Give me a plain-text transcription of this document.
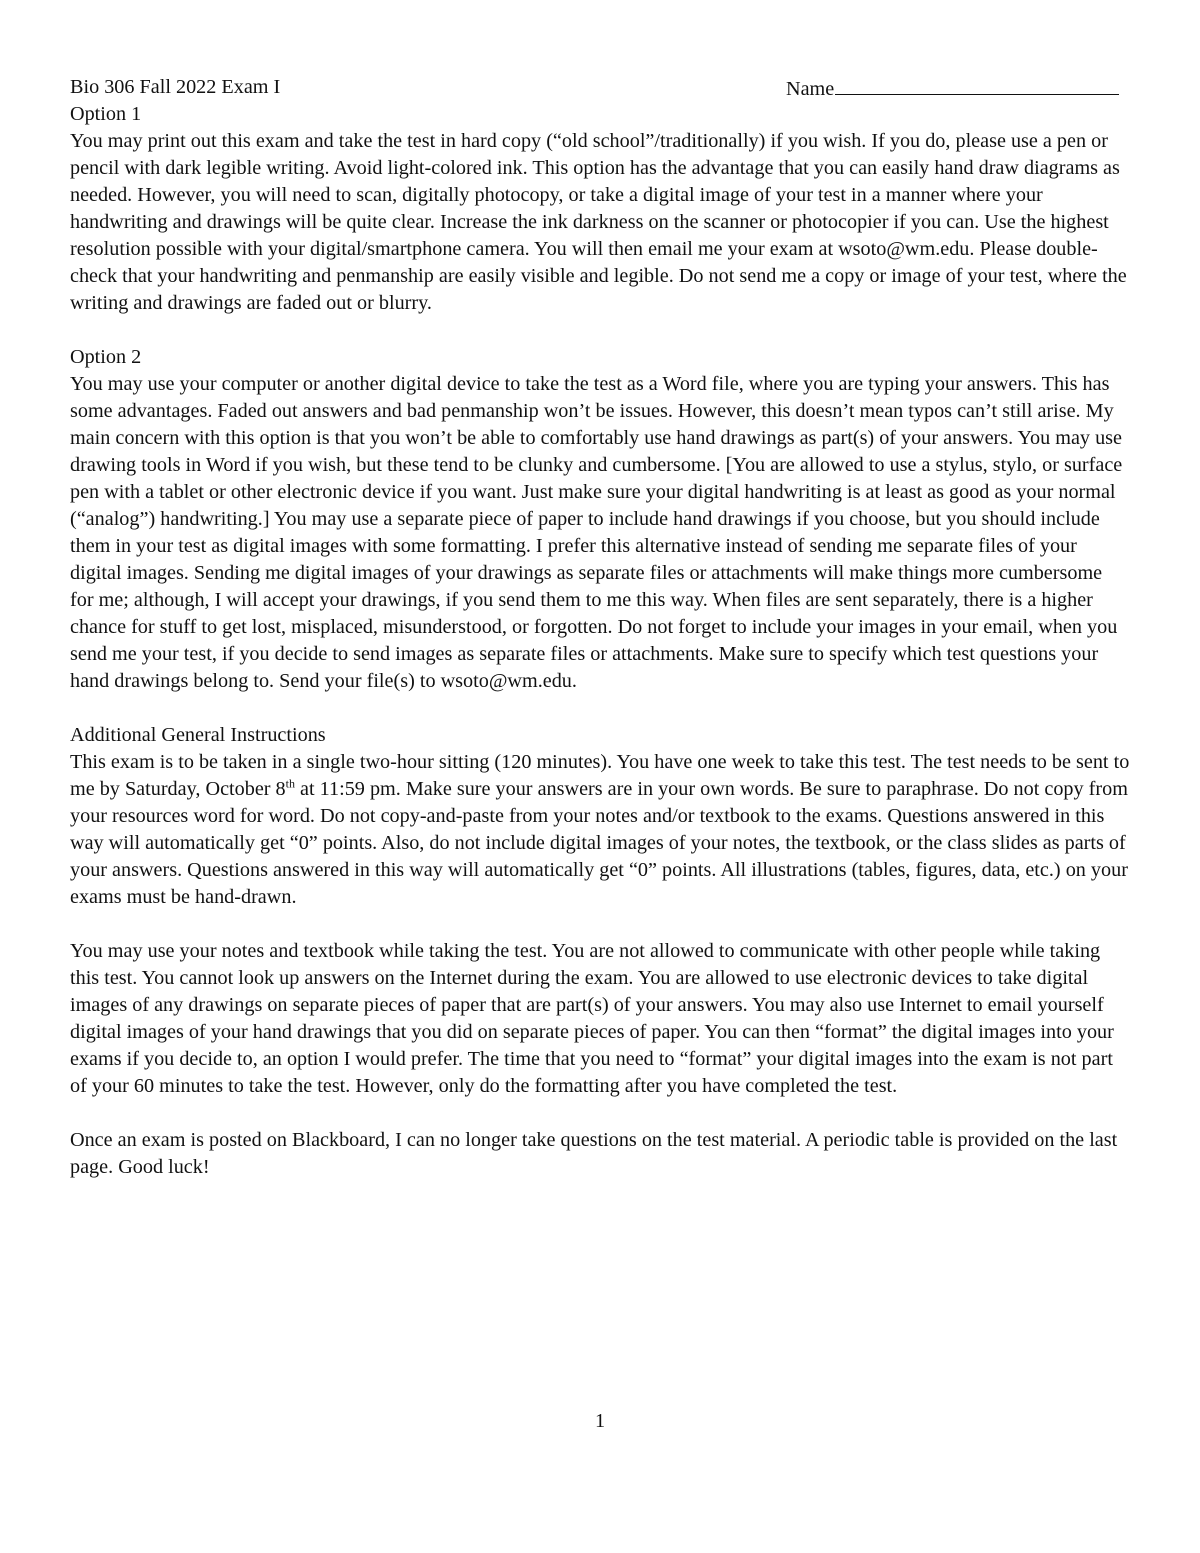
Bio 306 Fall 2022 Exam I	Name
Option 1

You may print out this exam and take the test in hard copy (“old school”/traditionally) if you wish. If you do, please use a pen or pencil with dark legible writing. Avoid light-colored ink. This option has the advantage that you can easily hand draw diagrams as needed. However, you will need to scan, digitally photocopy, or take a digital image of your test in a manner where your handwriting and drawings will be quite clear. Increase the ink darkness on the scanner or photocopier if you can. Use the highest resolution possible with your digital/smartphone camera. You will then email me your exam at wsoto@wm.edu. Please double-check that your handwriting and penmanship are easily visible and legible. Do not send me a copy or image of your test, where the writing and drawings are faded out or blurry.

Option 2

You may use your computer or another digital device to take the test as a Word file, where you are typing your answers. This has some advantages. Faded out answers and bad penmanship won’t be issues. However, this doesn’t mean typos can’t still arise. My main concern with this option is that you won’t be able to comfortably use hand drawings as part(s) of your answers. You may use drawing tools in Word if you wish, but these tend to be clunky and cumbersome. [You are allowed to use a stylus, stylo, or surface pen with a tablet or other electronic device if you want. Just make sure your digital handwriting is at least as good as your normal (“analog”) handwriting.] You may use a separate piece of paper to include hand drawings if you choose, but you should include them in your test as digital images with some formatting. I prefer this alternative instead of sending me separate files of your digital images. Sending me digital images of your drawings as separate files or attachments will make things more cumbersome for me; although, I will accept your drawings, if you send them to me this way. When files are sent separately, there is a higher chance for stuff to get lost, misplaced, misunderstood, or forgotten. Do not forget to include your images in your email, when you send me your test, if you decide to send images as separate files or attachments. Make sure to specify which test questions your hand drawings belong to. Send your file(s) to wsoto@wm.edu.

Additional General Instructions

This exam is to be taken in a single two-hour sitting (120 minutes). You have one week to take this test. The test needs to be sent to me by Saturday, October 8th at 11:59 pm. Make sure your answers are in your own words. Be sure to paraphrase. Do not copy from your resources word for word. Do not copy-and-paste from your notes and/or textbook to the exams. Questions answered in this way will automatically get “0” points. Also, do not include digital images of your notes, the textbook, or the class slides as parts of your answers. Questions answered in this way will automatically get “0” points. All illustrations (tables, figures, data, etc.) on your exams must be hand-drawn.

You may use your notes and textbook while taking the test. You are not allowed to communicate with other people while taking this test. You cannot look up answers on the Internet during the exam. You are allowed to use electronic devices to take digital images of any drawings on separate pieces of paper that are part(s) of your answers. You may also use Internet to email yourself digital images of your hand drawings that you did on separate pieces of paper. You can then “format” the digital images into your exams if you decide to, an option I would prefer. The time that you need to “format” your digital images into the exam is not part of your 60 minutes to take the test. However, only do the formatting after you have completed the test.

Once an exam is posted on Blackboard, I can no longer take questions on the test material. A periodic table is provided on the last page. Good luck!

1
